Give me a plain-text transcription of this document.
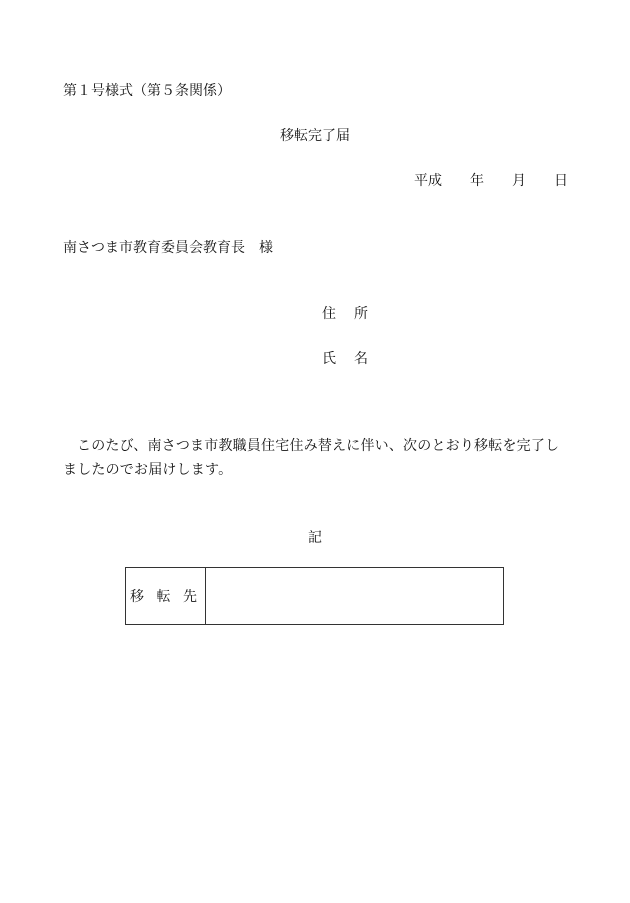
第１号様式（第５条関係）
移転完了届
平成 年 月 日
南さつま市教育委員会教育長 様
住 所
氏 名
このたび、南さつま市教職員住宅住み替えに伴い、次のとおり移転を完了しましたのでお届けします。
記
移 転 先
